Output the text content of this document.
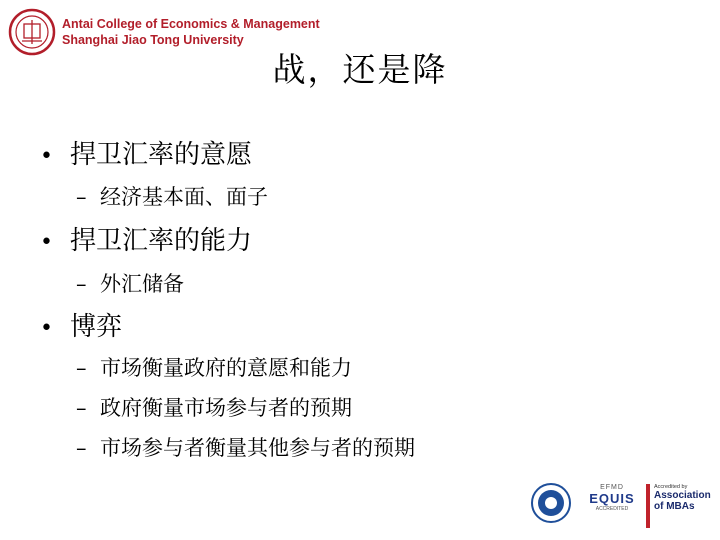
Antai College of Economics & Management
Shanghai Jiao Tong University
战，还是降
• 捍卫汇率的意愿
– 经济基本面、面子
• 捍卫汇率的能力
– 外汇储备
• 博弈
– 市场衡量政府的意愿和能力
– 政府衡量市场参与者的预期
– 市场参与者衡量其他参与者的预期
EFMD
EQUIS
ACCREDITED
Accredited by
Association
of MBAs
